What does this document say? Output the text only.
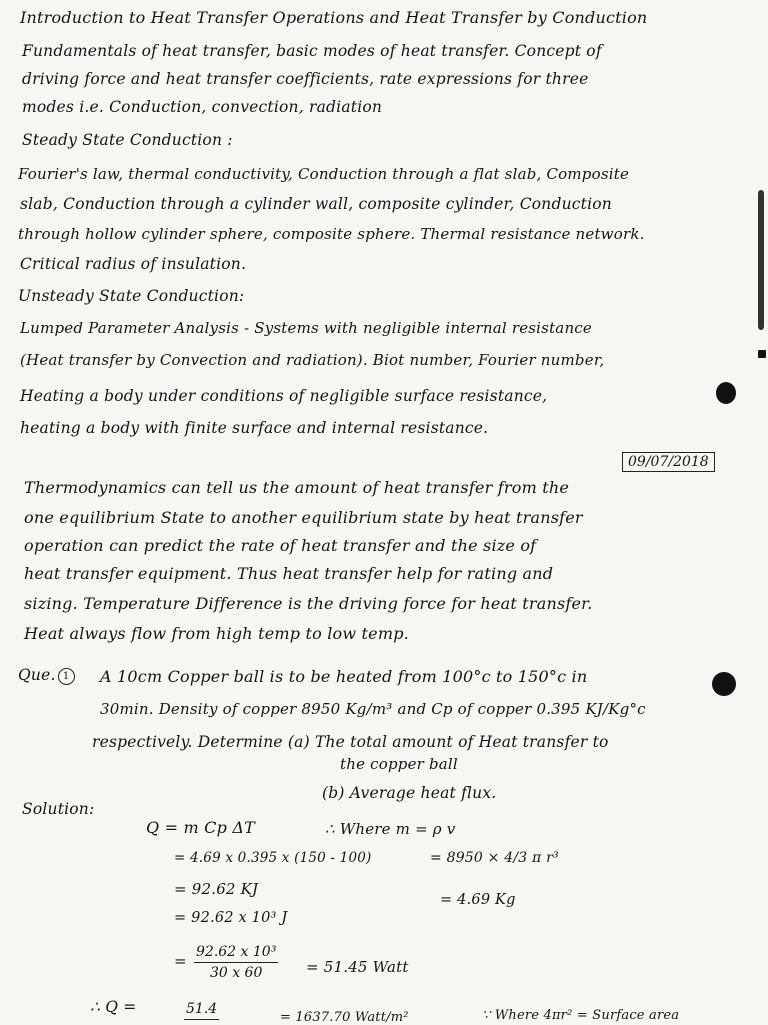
Introduction to Heat Transfer Operations and Heat Transfer by Conduction
Fundamentals of heat transfer, basic modes of heat transfer. Concept of
driving force and heat transfer coefficients, rate expressions for three
modes i.e. Conduction, convection, radiation
Steady State Conduction :
Fourier's law, thermal conductivity, Conduction through a flat slab, Composite
slab, Conduction through a cylinder wall, composite cylinder, Conduction
through hollow cylinder sphere, composite sphere. Thermal resistance network.
Critical radius of insulation.
Unsteady State Conduction:
Lumped Parameter Analysis - Systems with negligible internal resistance
(Heat transfer by Convection and radiation). Biot number, Fourier number,
Heating a body under conditions of negligible surface resistance,
heating a body with finite surface and internal resistance.
09/07/2018
Thermodynamics can tell us the amount of heat transfer from the
one equilibrium State to another equilibrium state by heat transfer
operation can predict the rate of heat transfer and the size of
heat transfer equipment. Thus heat transfer help for rating and
sizing. Temperature Difference is the driving force for heat transfer.
Heat always flow from high temp to low temp.
Que. 1	A 10cm Copper ball is to be heated from 100°c to 150°c in
30min. Density of copper 8950 Kg/m³ and Cp of copper 0.395 KJ/Kg°c
respectively. Determine (a) The total amount of Heat transfer to
the copper ball
(b) Average heat flux.
Solution:
Q = m Cp ΔT	∴ Where m = ρ v
= 4.69 x 0.395 x (150 - 100)	= 8950 × 4/3 π r³
= 92.62 KJ
= 4.69 Kg
= 92.62 x 10³ J
= $\frac{\text{92.62 x 10³}}{30 x 60} = 51.45$ Watt
∴ Q =	51.4
= 1637.70 Watt/m²	∵ Where 4πr² = Surface area
